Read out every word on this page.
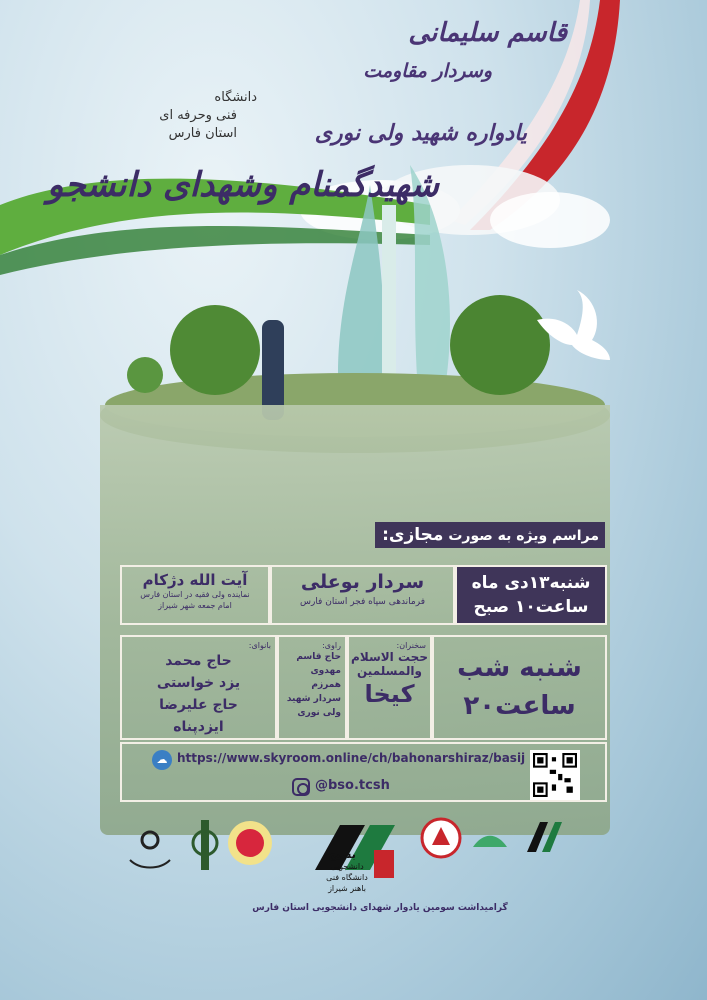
قاسم سلیمانی
وسردار مقاومت
دانشگاه
فنی وحرفه ای
استان فارس	یادواره شهید ولی نوری
شهیدگمنام وشهدای دانشجو
مراسم ویژه به صورت مجازی:
شنبه۱۳دی ماه
ساعت۱۰ صبح
سردار بوعلی
فرماندهی سپاه فجر استان فارس
آیت الله دژکام
نماینده ولی فقیه در استان فارس
امام جمعه شهر شیراز
شنبه شب
ساعت۲۰
سخنران:
حجت الاسلام
والمسلمین
کیخا
راوی:
حاج قاسم مهدوی
همرزم
سردار شهید
ولی نوری
بانوای:
حاج محمد
یزد خواستی
حاج علیرضا
ایزدپناه
☁ https://www.skyroom.online/ch/bahonarshiraz/basij
@bso.tcsh
بسیج
دانشجویی
دانشگاه فنی
باهنر شیراز
گرامیداشت سومین یادوار شهدای دانشجویی استان فارس
